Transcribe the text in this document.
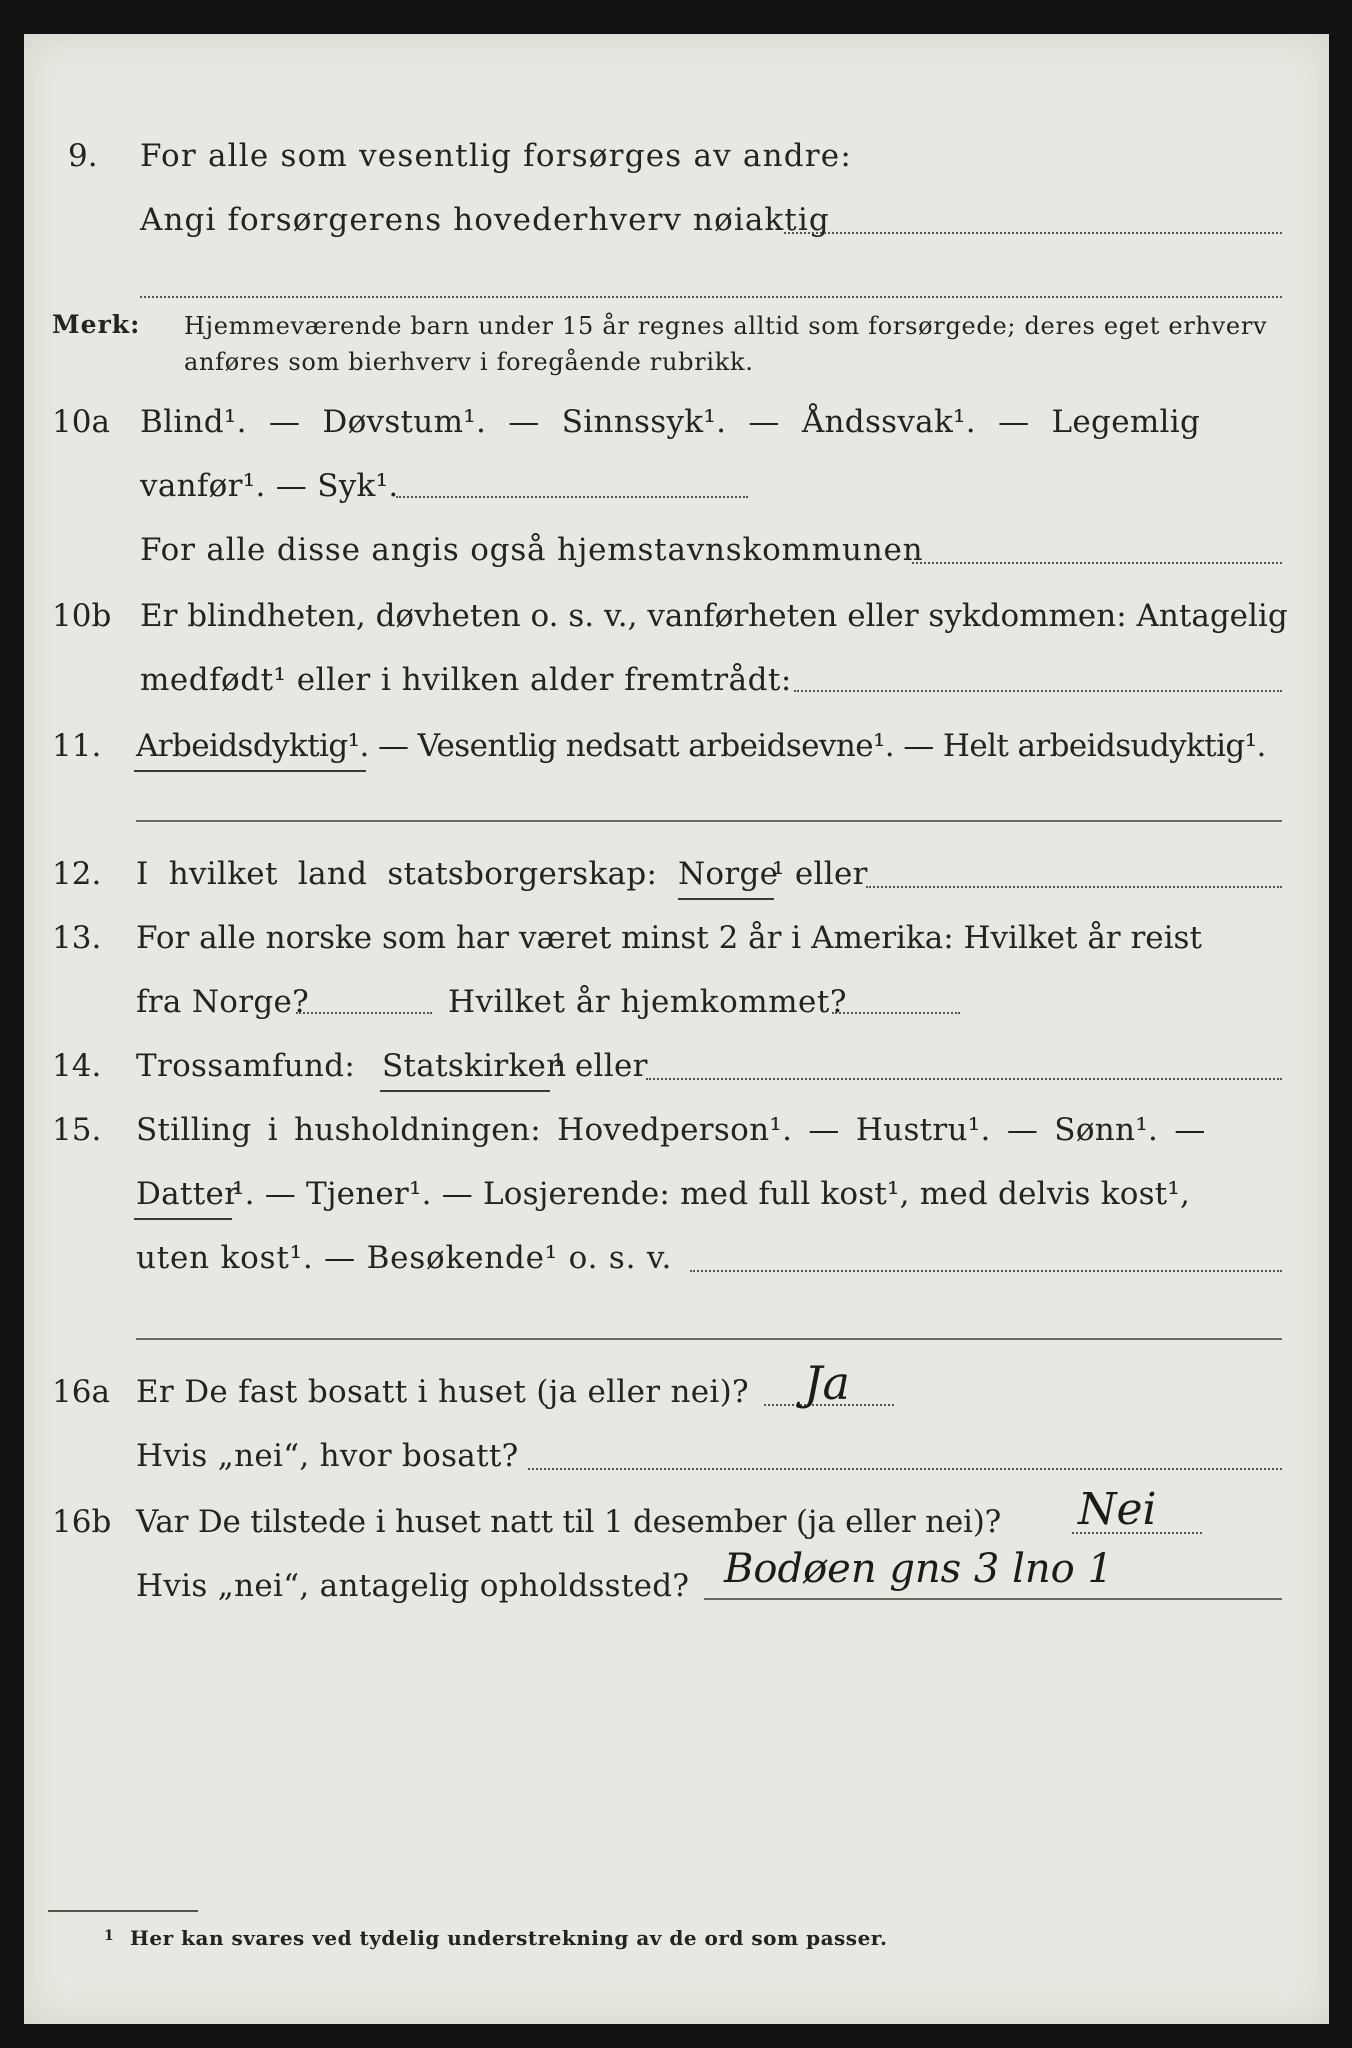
9. For alle som vesentlig forsørges av andre:
Angi forsørgerens hovederhverv nøiaktig
Merk: Hjemmeværende barn under 15 år regnes alltid som forsørgede; deres eget erhverv
anføres som bierhverv i foregående rubrikk.
10a Blind¹. — Døvstum¹. — Sinnssyk¹. — Åndssvak¹. — Legemlig
vanfør¹. — Syk¹.
For alle disse angis også hjemstavnskommunen
10b Er blindheten, døvheten o. s. v., vanførheten eller sykdommen: Antagelig
medfødt¹ eller i hvilken alder fremtrådt:
11. Arbeidsdyktig¹. — Vesentlig nedsatt arbeidsevne¹. — Helt arbeidsudyktig¹.
12. I hvilket land statsborgerskap: Norge
¹ eller
13. For alle norske som har været minst 2 år i Amerika: Hvilket år reist
fra Norge?	Hvilket år hjemkommet?
14. Trossamfund: Statskirken
¹ eller
15. Stilling i husholdningen: Hovedperson¹. — Hustru¹. — Sønn¹. —
Datter
¹. — Tjener¹. — Losjerende: med full kost¹, med delvis kost¹,
uten kost¹. — Besøkende¹ o. s. v.
16a Er De fast bosatt i huset (ja eller nei)? Ja
Hvis „nei“, hvor bosatt?
16b Var De tilstede i huset natt til 1 desember (ja eller nei)? Nei
Hvis „nei“, antagelig opholdssted? Bodøen gns 3 lno 1
1 Her kan svares ved tydelig understrekning av de ord som passer.
